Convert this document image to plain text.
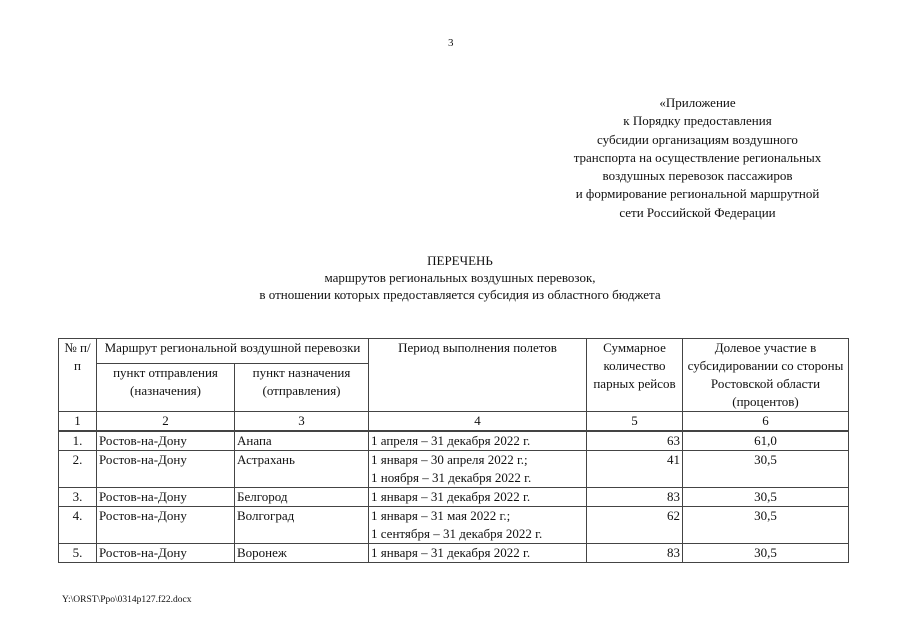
3
«Приложение
к Порядку предоставления
субсидии организациям воздушного
транспорта на осуществление региональных
воздушных перевозок пассажиров
и формирование региональной маршрутной
сети Российской Федерации
ПЕРЕЧЕНЬ
маршрутов региональных воздушных перевозок,
в отношении которых предоставляется субсидия из областного бюджета
№ п/п	Маршрут региональной воздушной перевозки		Период выполнения полетов	Суммарное количество парных рейсов	Долевое участие в субсидировании со стороны Ростовской области (процентов)
	пункт отправления (назначения)	пункт назначения (отправления)			
1	2	3	4	5	6
1.	Ростов-на-Дону	Анапа	1 апреля – 31 декабря 2022 г.	63	61,0
2.	Ростов-на-Дону	Астрахань	1 января – 30 апреля 2022 г.;
1 ноября – 31 декабря 2022 г.	41	30,5
3.	Ростов-на-Дону	Белгород	1 января – 31 декабря 2022 г.	83	30,5
4.	Ростов-на-Дону	Волгоград	1 января – 31 мая 2022 г.;
1 сентября – 31 декабря 2022 г.	62	30,5
5.	Ростов-на-Дону	Воронеж	1 января – 31 декабря 2022 г.	83	30,5
Y:\ORST\Ppo\0314p127.f22.docx
